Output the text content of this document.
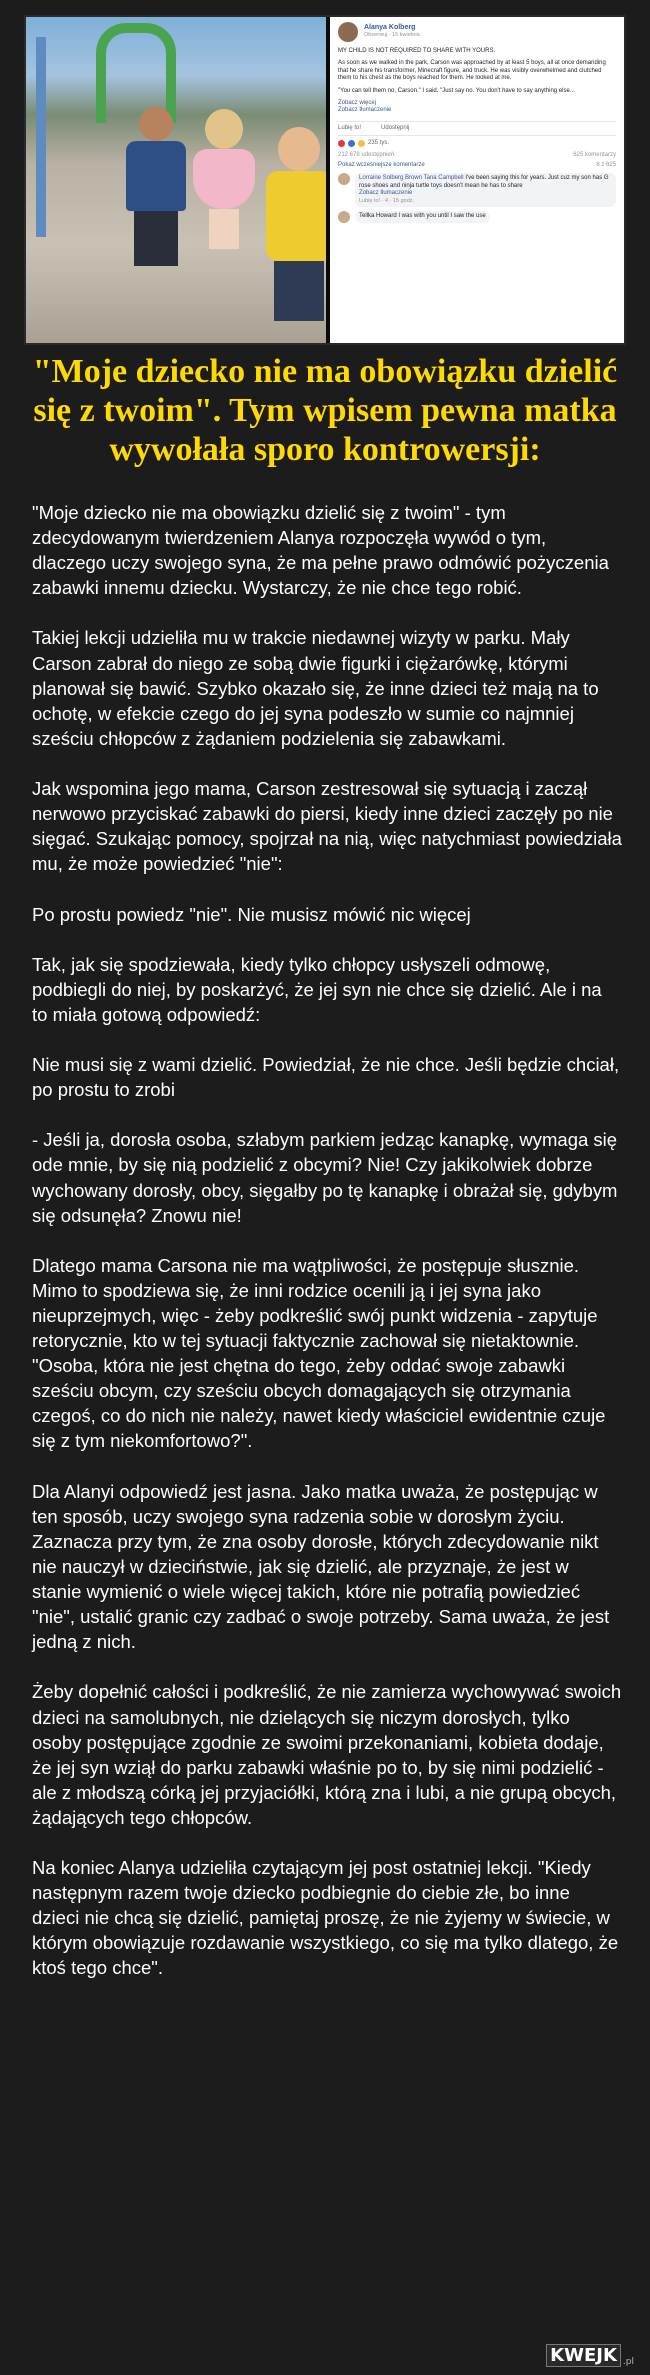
Alanya Kolberg
Obserwuj · 15 kwietnia

MY CHILD IS NOT REQUIRED TO SHARE WITH YOURS.

As soon as we walked in the park, Carson was approached by at least 5 boys, all at once demanding that he share his transformer, Minecraft figure, and truck. He was visibly overwhelmed and clutched them to his chest as the boys reached for them. He looked at me.

"You can tell them no, Carson." I said. "Just say no. You don't have to say anything else...

Zobacz więcej
Zobacz tłumaczenie
Lubię to!	Udostępnij
235 tys.
212 678 udostępnień	625 komentarzy
Pokaż wcześniejsze komentarze	8 z 625
Lorraine Solberg Brown Tana Campbell I've been saying this for years. Just cuz my son has G rose shoes and ninja turtle toys doesn't mean he has to share
Zobacz tłumaczenie
Lubię to! · 4 · 15 godz.
Tellka Howard I was with you until I saw the use
"Moje dziecko nie ma obowiązku dzielić się z twoim". Tym wpisem pewna matka wywołała sporo kontrowersji:

"Moje dziecko nie ma obowiązku dzielić się z twoim" - tym zdecydowanym twierdzeniem Alanya rozpoczęła wywód o tym, dlaczego uczy swojego syna, że ma pełne prawo odmówić pożyczenia zabawki innemu dziecku. Wystarczy, że nie chce tego robić.

Takiej lekcji udzieliła mu w trakcie niedawnej wizyty w parku. Mały Carson zabrał do niego ze sobą dwie figurki i ciężarówkę, którymi planował się bawić. Szybko okazało się, że inne dzieci też mają na to ochotę, w efekcie czego do jej syna podeszło w sumie co najmniej sześciu chłopców z żądaniem podzielenia się zabawkami.

Jak wspomina jego mama, Carson zestresował się sytuacją i zaczął nerwowo przyciskać zabawki do piersi, kiedy inne dzieci zaczęły po nie sięgać. Szukając pomocy, spojrzał na nią, więc natychmiast powiedziała mu, że może powiedzieć "nie":

Po prostu powiedz "nie". Nie musisz mówić nic więcej

Tak, jak się spodziewała, kiedy tylko chłopcy usłyszeli odmowę, podbiegli do niej, by poskarżyć, że jej syn nie chce się dzielić. Ale i na to miała gotową odpowiedź:

Nie musi się z wami dzielić. Powiedział, że nie chce. Jeśli będzie chciał, po prostu to zrobi

- Jeśli ja, dorosła osoba, szłabym parkiem jedząc kanapkę, wymaga się ode mnie, by się nią podzielić z obcymi? Nie! Czy jakikolwiek dobrze wychowany dorosły, obcy, sięgałby po tę kanapkę i obrażał się, gdybym się odsunęła? Znowu nie!

Dlatego mama Carsona nie ma wątpliwości, że postępuje słusznie. Mimo to spodziewa się, że inni rodzice ocenili ją i jej syna jako nieuprzejmych, więc - żeby podkreślić swój punkt widzenia - zapytuje retorycznie, kto w tej sytuacji faktycznie zachował się nietaktownie. "Osoba, która nie jest chętna do tego, żeby oddać swoje zabawki sześciu obcym, czy sześciu obcych domagających się otrzymania czegoś, co do nich nie należy, nawet kiedy właściciel ewidentnie czuje się z tym niekomfortowo?".

Dla Alanyi odpowiedź jest jasna. Jako matka uważa, że postępując w ten sposób, uczy swojego syna radzenia sobie w dorosłym życiu. Zaznacza przy tym, że zna osoby dorosłe, których zdecydowanie nikt nie nauczył w dzieciństwie, jak się dzielić, ale przyznaje, że jest w stanie wymienić o wiele więcej takich, które nie potrafią powiedzieć "nie", ustalić granic czy zadbać o swoje potrzeby. Sama uważa, że jest jedną z nich.

Żeby dopełnić całości i podkreślić, że nie zamierza wychowywać swoich dzieci na samolubnych, nie dzielących się niczym dorosłych, tylko osoby postępujące zgodnie ze swoimi przekonaniami, kobieta dodaje, że jej syn wziął do parku zabawki właśnie po to, by się nimi podzielić - ale z młodszą córką jej przyjaciółki, którą zna i lubi, a nie grupą obcych, żądających tego chłopców.

Na koniec Alanya udzieliła czytającym jej post ostatniej lekcji. "Kiedy następnym razem twoje dziecko podbiegnie do ciebie złe, bo inne dzieci nie chcą się dzielić, pamiętaj proszę, że nie żyjemy w świecie, w którym obowiązuje rozdawanie wszystkiego, co się ma tylko dlatego, że ktoś tego chce".

KWEJK .pl
